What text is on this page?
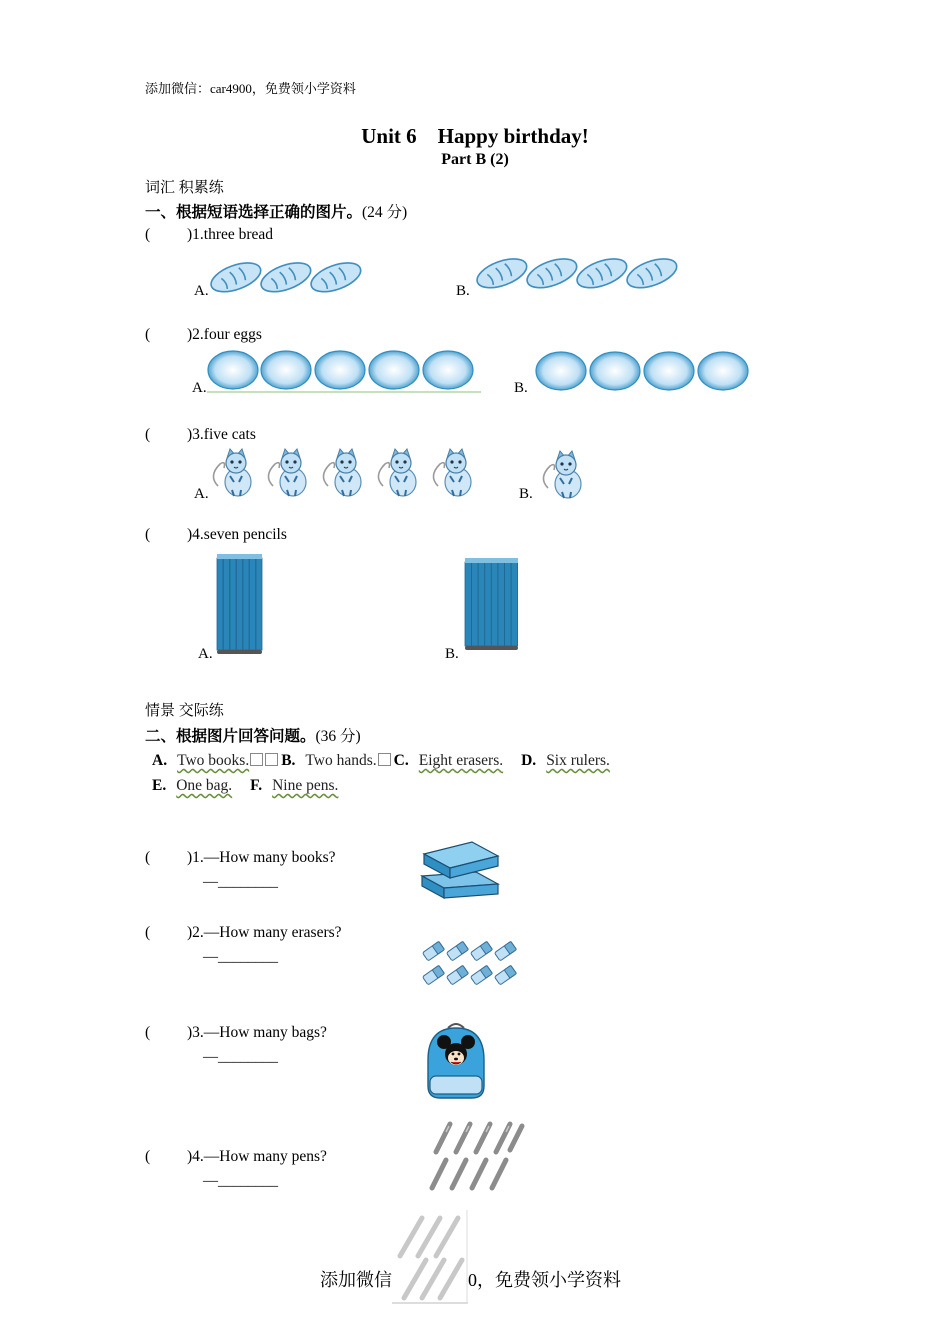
添加微信：car4900，免费领小学资料
Unit 6    Happy birthday!
Part B (2)
词汇 积累练
一、根据短语选择正确的图片。(24 分)
( )1.three bread
A.	B.
( )2.four eggs
A.	B.
( )3.five cats
A.	B.
( )4.seven pencils
A.	B.
情景 交际练
二、根据图片回答问题。(36 分)
A. Two books. B. Two hands. C. Eight erasers. D. Six rulers.
E. One bag. F. Nine pens.
( )1.—How many books?
—________
( )2.—How many erasers?
—________
( )3.—How many bags?
—________
( )4.—How many pens?
—________
添加微信	0，免费领小学资料
